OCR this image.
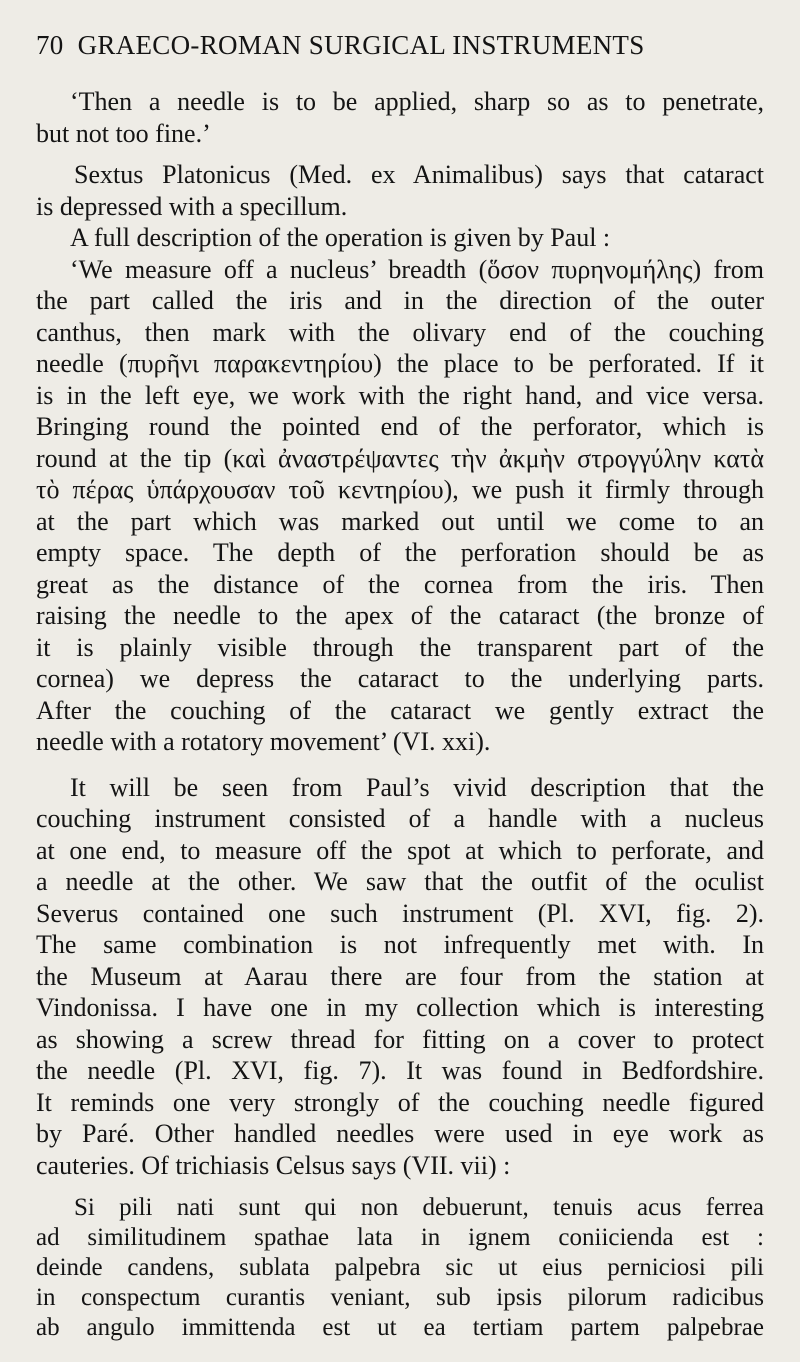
70 GRAECO-ROMAN SURGICAL INSTRUMENTS
‘Then a needle is to be applied, sharp so as to penetrate,
but not too fine.’
Sextus Platonicus (Med. ex Animalibus) says that cataract
is depressed with a specillum.
A full description of the operation is given by Paul :
‘We measure off a nucleus’ breadth (ὅσον πυρηνομήλης) from
the part called the iris and in the direction of the outer
canthus, then mark with the olivary end of the couching
needle (πυρῆνι παρακεντηρίου) the place to be perforated. If it
is in the left eye, we work with the right hand, and vice versa.
Bringing round the pointed end of the perforator, which is
round at the tip (καὶ ἀναστρέψαντες τὴν ἀκμὴν στρογγύλην κατὰ
τὸ πέρας ὑπάρχουσαν τοῦ κεντηρίου), we push it firmly through
at the part which was marked out until we come to an
empty space. The depth of the perforation should be as
great as the distance of the cornea from the iris. Then
raising the needle to the apex of the cataract (the bronze of
it is plainly visible through the transparent part of the
cornea) we depress the cataract to the underlying parts.
After the couching of the cataract we gently extract the
needle with a rotatory movement’ (VI. xxi).
It will be seen from Paul’s vivid description that the
couching instrument consisted of a handle with a nucleus
at one end, to measure off the spot at which to perforate, and
a needle at the other. We saw that the outfit of the oculist
Severus contained one such instrument (Pl. XVI, fig. 2).
The same combination is not infrequently met with. In
the Museum at Aarau there are four from the station at
Vindonissa. I have one in my collection which is interesting
as showing a screw thread for fitting on a cover to protect
the needle (Pl. XVI, fig. 7). It was found in Bedfordshire.
It reminds one very strongly of the couching needle figured
by Paré. Other handled needles were used in eye work as
cauteries. Of trichiasis Celsus says (VII. vii) :
Si pili nati sunt qui non debuerunt, tenuis acus ferrea
ad similitudinem spathae lata in ignem coniicienda est :
deinde candens, sublata palpebra sic ut eius perniciosi pili
in conspectum curantis veniant, sub ipsis pilorum radicibus
ab angulo immittenda est ut ea tertiam partem palpebrae
